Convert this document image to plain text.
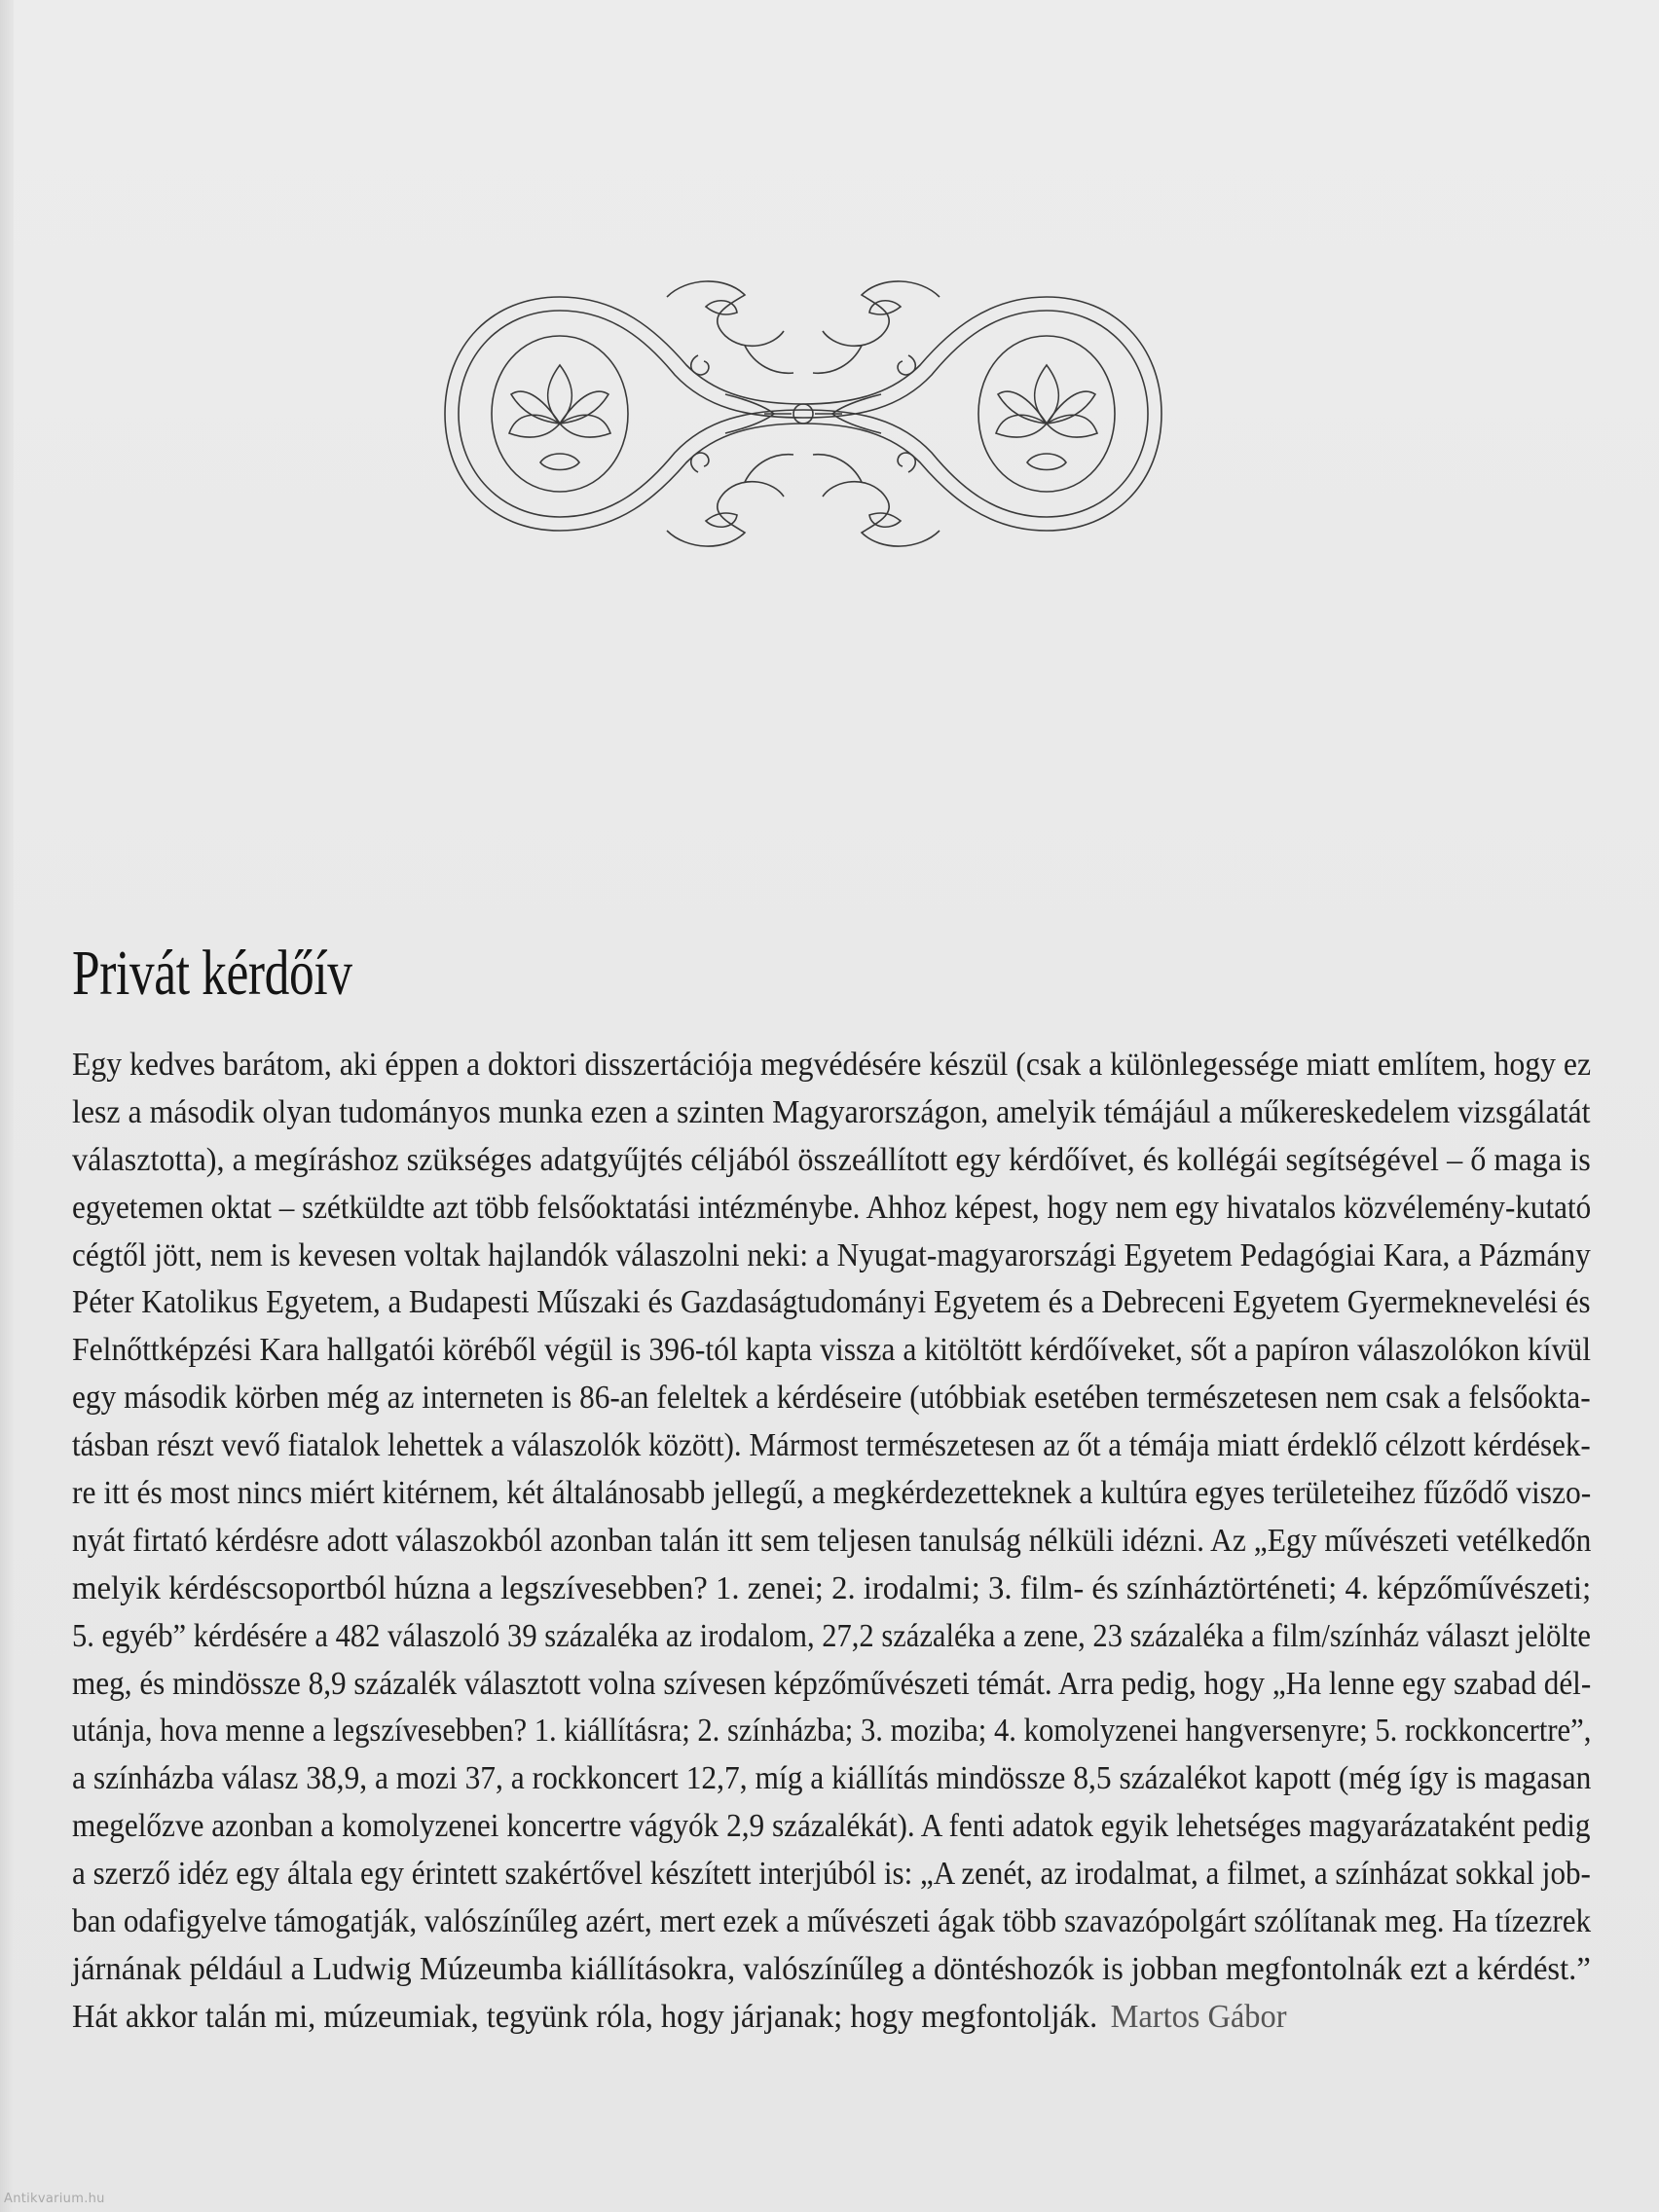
Privát kérdőív
Egy kedves barátom, aki éppen a doktori disszertációja megvédésére készül (csak a különlegessége miatt említem, hogy ez
lesz a második olyan tudományos munka ezen a szinten Magyarországon, amelyik témájául a műkereskedelem vizsgálatát
választotta), a megíráshoz szükséges adatgyűjtés céljából összeállított egy kérdőívet, és kollégái segítségével – ő maga is
egyetemen oktat – szétküldte azt több felsőoktatási intézménybe. Ahhoz képest, hogy nem egy hivatalos közvélemény-kutató
cégtől jött, nem is kevesen voltak hajlandók válaszolni neki: a Nyugat-magyarországi Egyetem Pedagógiai Kara, a Pázmány
Péter Katolikus Egyetem, a Budapesti Műszaki és Gazdaságtudományi Egyetem és a Debreceni Egyetem Gyermeknevelési és
Felnőttképzési Kara hallgatói köréből végül is 396-tól kapta vissza a kitöltött kérdőíveket, sőt a papíron válaszolókon kívül
egy második körben még az interneten is 86-an feleltek a kérdéseire (utóbbiak esetében természetesen nem csak a felsőokta-
tásban részt vevő fiatalok lehettek a válaszolók között). Mármost természetesen az őt a témája miatt érdeklő célzott kérdések-
re itt és most nincs miért kitérnem, két általánosabb jellegű, a megkérdezetteknek a kultúra egyes területeihez fűződő viszo-
nyát firtató kérdésre adott válaszokból azonban talán itt sem teljesen tanulság nélküli idézni. Az „Egy művészeti vetélkedőn
melyik kérdéscsoportból húzna a legszívesebben? 1. zenei; 2. irodalmi; 3. film- és színháztörténeti; 4. képzőművészeti;
5. egyéb” kérdésére a 482 válaszoló 39 százaléka az irodalom, 27,2 százaléka a zene, 23 százaléka a film/színház választ jelölte
meg, és mindössze 8,9 százalék választott volna szívesen képzőművészeti témát. Arra pedig, hogy „Ha lenne egy szabad dél-
utánja, hova menne a legszívesebben? 1. kiállításra; 2. színházba; 3. moziba; 4. komolyzenei hangversenyre; 5. rockkoncertre”,
a színházba válasz 38,9, a mozi 37, a rockkoncert 12,7, míg a kiállítás mindössze 8,5 százalékot kapott (még így is magasan
megelőzve azonban a komolyzenei koncertre vágyók 2,9 százalékát). A fenti adatok egyik lehetséges magyarázataként pedig
a szerző idéz egy általa egy érintett szakértővel készített interjúból is: „A zenét, az irodalmat, a filmet, a színházat sokkal job-
ban odafigyelve támogatják, valószínűleg azért, mert ezek a művészeti ágak több szavazópolgárt szólítanak meg. Ha tízezrek
járnának például a Ludwig Múzeumba kiállításokra, valószínűleg a döntéshozók is jobban megfontolnák ezt a kérdést.”
Hát akkor talán mi, múzeumiak, tegyünk róla, hogy járjanak; hogy megfontolják. Martos Gábor
Antikvarium.hu
